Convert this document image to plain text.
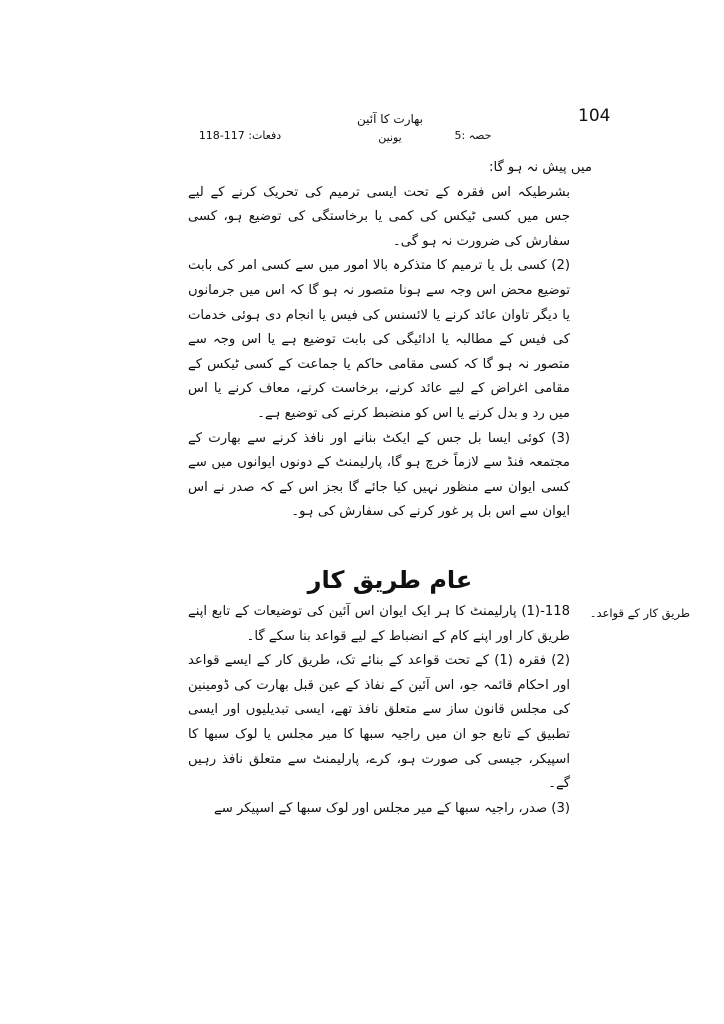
104
بھارت کا آئین
حصہ :5
یونین
دفعات: 117-118

میں پیش نہ ہو گا:

بشرطیکہ اس فقرہ کے تحت ایسی ترمیم کی تحریک کرنے کے لیے جس میں کسی ٹیکس کی کمی یا برخاستگی کی توضیع ہو، کسی سفارش کی ضرورت نہ ہو گی۔

(2) کسی بل یا ترمیم کا متذکرہ بالا امور میں سے کسی امر کی بابت توضیع محض اس وجہ سے ہونا متصور نہ ہو گا کہ اس میں جرمانوں یا دیگر تاوان عائد کرنے یا لائسنس کی فیس یا انجام دی ہوئی خدمات کی فیس کے مطالبہ یا ادائیگی کی بابت توضیع ہے یا اس وجہ سے متصور نہ ہو گا کہ کسی مقامی حاکم یا جماعت کے کسی ٹیکس کے مقامی اغراض کے لیے عائد کرنے، برخاست کرنے، معاف کرنے یا اس میں رد و بدل کرنے یا اس کو منضبط کرنے کی توضیع ہے۔

(3) کوئی ایسا بل جس کے ایکٹ بنانے اور نافذ کرنے سے بھارت کے مجتمعہ فنڈ سے لازماً خرچ ہو گا، پارلیمنٹ کے دونوں ایوانوں میں سے کسی ایوان سے منظور نہیں کیا جائے گا بجز اس کے کہ صدر نے اس ایوان سے اس بل پر غور کرنے کی سفارش کی ہو۔

عام طریق کار
طریق کار کے قواعد۔

118-(1) پارلیمنٹ کا ہر ایک ایوان اس آئین کی توضیعات کے تابع اپنے طریق کار اور اپنے کام کے انضباط کے لیے قواعد بنا سکے گا۔

(2) فقرہ (1) کے تحت قواعد کے بنائے تک، طریق کار کے ایسے قواعد اور احکام قائمہ جو، اس آئین کے نفاذ کے عین قبل بھارت کی ڈومینین کی مجلس قانون ساز سے متعلق نافذ تھے، ایسی تبدیلیوں اور ایسی تطبیق کے تابع جو ان میں راجیہ سبھا کا میر مجلس یا لوک سبھا کا اسپیکر، جیسی کی صورت ہو، کرے، پارلیمنٹ سے متعلق نافذ رہیں گے۔

(3) صدر، راجیہ سبھا کے میر مجلس اور لوک سبھا کے اسپیکر سے
